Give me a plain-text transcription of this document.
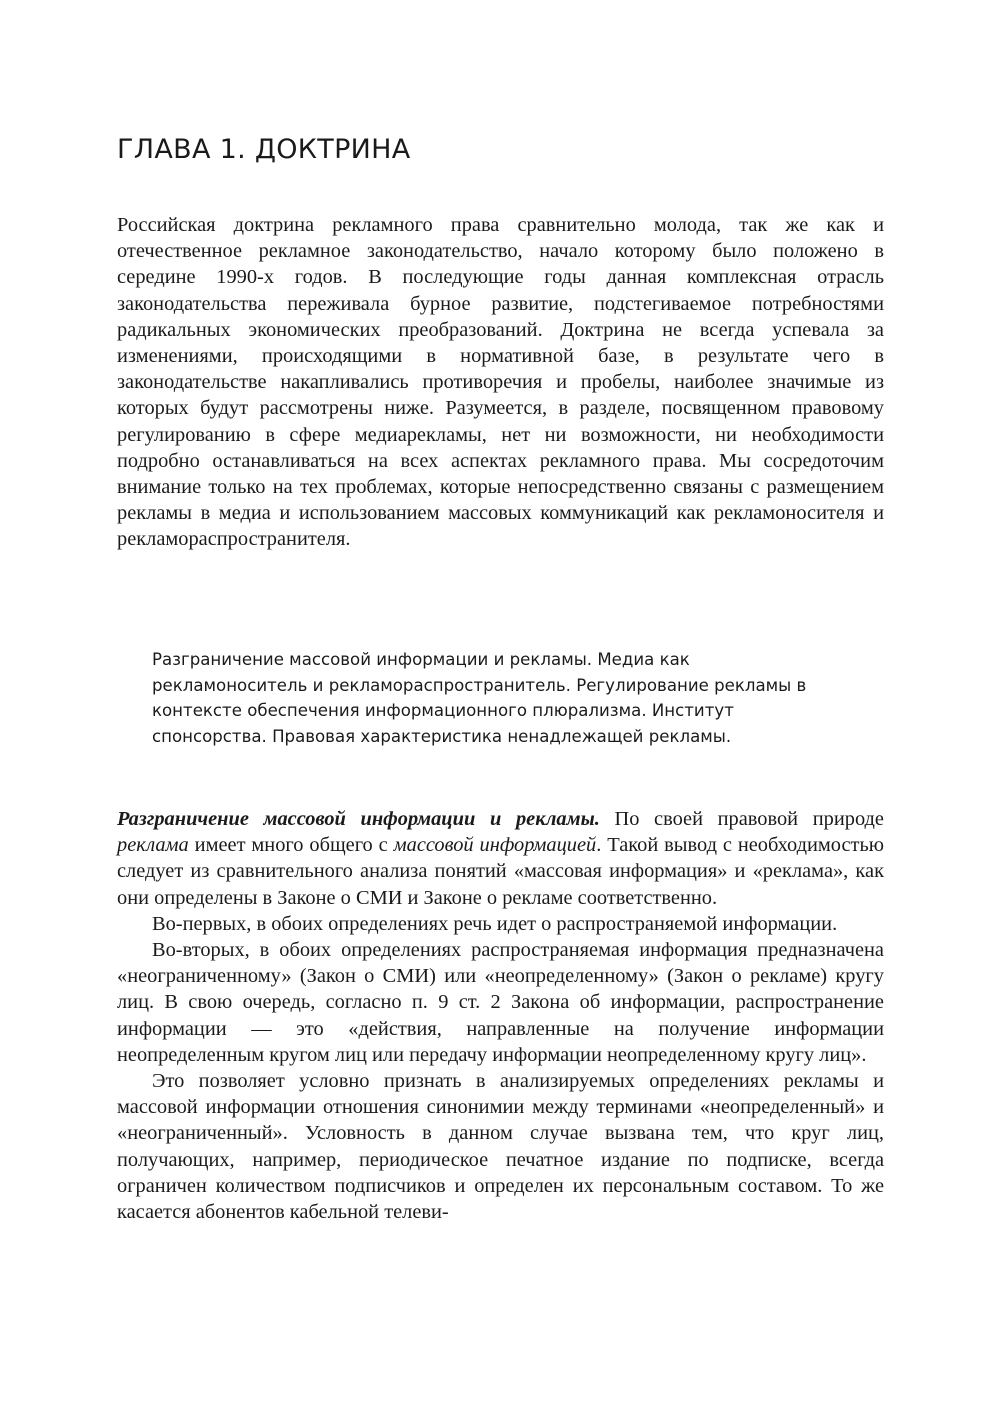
ГЛАВА 1. ДОКТРИНА

Российская доктрина рекламного права сравнительно молода, так же как и отечественное рекламное законодательство, начало которому было положено в середине 1990-х годов. В последующие годы данная комплексная отрасль законодательства переживала бурное развитие, подстегиваемое потребностями радикальных экономических преобразований. Доктрина не всегда успевала за изменениями, происходящими в нормативной базе, в результате чего в законодательстве накапливались противоречия и пробелы, наиболее значимые из которых будут рассмотрены ниже. Разумеется, в разделе, посвященном правовому регулированию в сфере медиарекламы, нет ни возможности, ни необходимости подробно останавливаться на всех аспектах рекламного права. Мы сосредоточим внимание только на тех проблемах, которые непосредственно связаны с размещением рекламы в медиа и использованием массовых коммуникаций как рекламоносителя и рекламораспространителя.

Разграничение массовой информации и рекламы. Медиа как рекламоноситель и рекламораспространитель. Регулирование рекламы в контексте обеспечения информационного плюрализма. Институт спонсорства. Правовая характеристика ненадлежащей рекламы.

Разграничение массовой информации и рекламы. По своей правовой природе реклама имеет много общего с массовой информацией. Такой вывод с необходимостью следует из сравнительного анализа понятий «массовая информация» и «реклама», как они определены в Законе о СМИ и Законе о рекламе соответственно.

Во-первых, в обоих определениях речь идет о распространяемой информации.

Во-вторых, в обоих определениях распространяемая информация предназначена «неограниченному» (Закон о СМИ) или «неопределенному» (Закон о рекламе) кругу лиц. В свою очередь, согласно п. 9 ст. 2 Закона об информации, распространение информации — это «действия, направленные на получение информации неопределенным кругом лиц или передачу информации неопределенному кругу лиц».

Это позволяет условно признать в анализируемых определениях рекламы и массовой информации отношения синонимии между терминами «неопределенный» и «неограниченный». Условность в данном случае вызвана тем, что круг лиц, получающих, например, периодическое печатное издание по подписке, всегда ограничен количеством подписчиков и определен их персональным составом. То же касается абонентов кабельной телеви-
